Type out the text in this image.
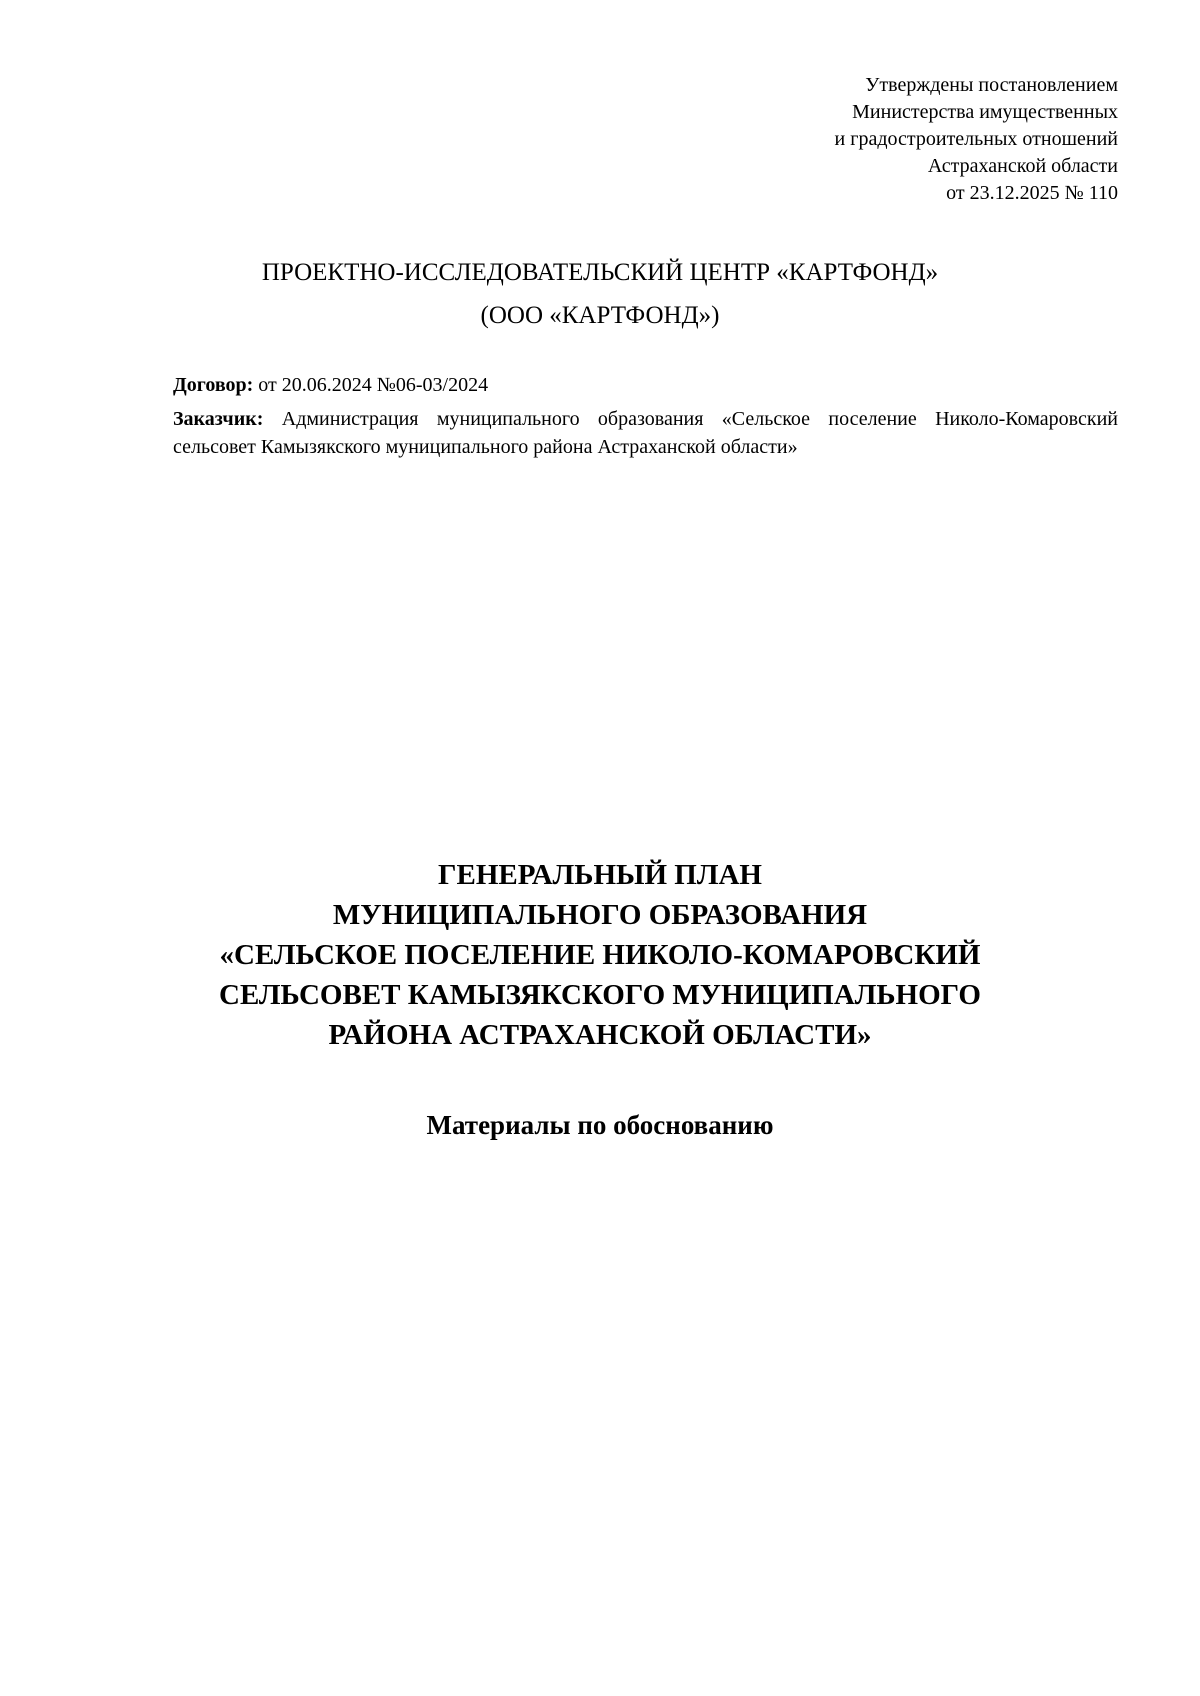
Утверждены постановлением
Министерства имущественных
и градостроительных отношений
Астраханской области
от 23.12.2025 № 110
ПРОЕКТНО-ИССЛЕДОВАТЕЛЬСКИЙ ЦЕНТР «КАРТФОНД»
(ООО «КАРТФОНД»)
Договор: от 20.06.2024 №06-03/2024
Заказчик: Администрация муниципального образования «Сельское поселение Николо-Комаровский сельсовет Камызякского муниципального района Астраханской области»
ГЕНЕРАЛЬНЫЙ ПЛАН
МУНИЦИПАЛЬНОГО ОБРАЗОВАНИЯ
«СЕЛЬСКОЕ ПОСЕЛЕНИЕ НИКОЛО-КОМАРОВСКИЙ
СЕЛЬСОВЕТ КАМЫЗЯКСКОГО МУНИЦИПАЛЬНОГО
РАЙОНА АСТРАХАНСКОЙ ОБЛАСТИ»
Материалы по обоснованию
